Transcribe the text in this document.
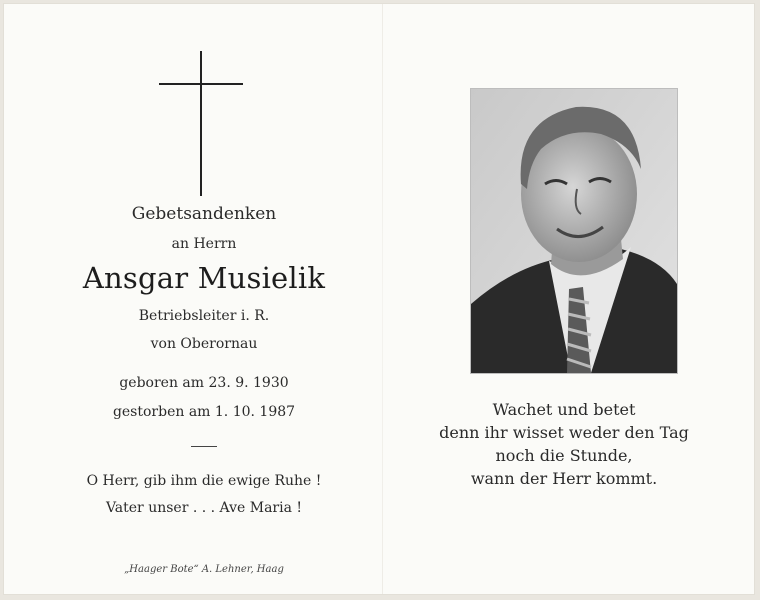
Gebetsandenken
an Herrn
Ansgar Musielik
Betriebsleiter i. R.
von Oberornau
geboren am 23. 9. 1930
gestorben am 1. 10. 1987
O Herr, gib ihm die ewige Ruhe !
Vater unser . . . Ave Maria !
„Haager Bote“ A. Lehner, Haag
Wachet und betet
denn ihr wisset weder den Tag
noch die Stunde,
wann der Herr kommt.
